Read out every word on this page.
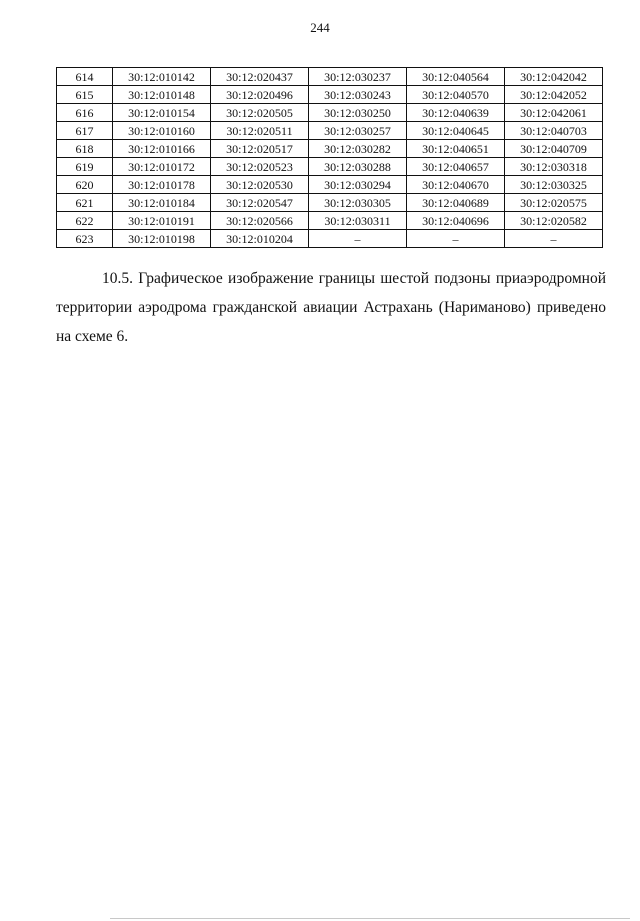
244
614	30:12:010142	30:12:020437	30:12:030237	30:12:040564	30:12:042042
615	30:12:010148	30:12:020496	30:12:030243	30:12:040570	30:12:042052
616	30:12:010154	30:12:020505	30:12:030250	30:12:040639	30:12:042061
617	30:12:010160	30:12:020511	30:12:030257	30:12:040645	30:12:040703
618	30:12:010166	30:12:020517	30:12:030282	30:12:040651	30:12:040709
619	30:12:010172	30:12:020523	30:12:030288	30:12:040657	30:12:030318
620	30:12:010178	30:12:020530	30:12:030294	30:12:040670	30:12:030325
621	30:12:010184	30:12:020547	30:12:030305	30:12:040689	30:12:020575
622	30:12:010191	30:12:020566	30:12:030311	30:12:040696	30:12:020582
623	30:12:010198	30:12:010204	–	–	–

10.5. Графическое изображение границы шестой подзоны приаэродромной территории аэродрома гражданской авиации Астрахань (Нариманово) приведено на схеме 6.
